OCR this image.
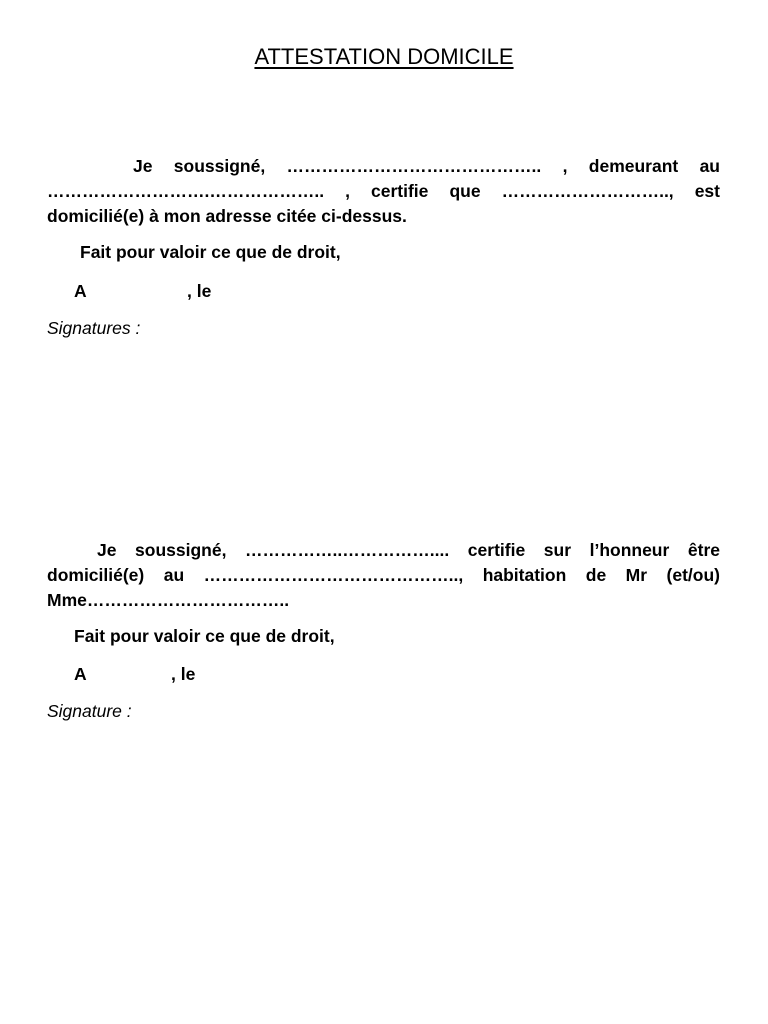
ATTESTATION DOMICILE

Je soussigné, …………………………………….. , demeurant au ……………………….……………….. , certifie que ……………………….., est domicilié(e) à mon adresse citée ci-dessus.

Fait pour valoir ce que de droit,

A	, le

Signatures :

Je soussigné, ……………..…………….... certifie sur l’honneur être domicilié(e) au …………………………………….., habitation de Mr (et/ou) Mme……………………………..

Fait pour valoir ce que de droit,

A	, le

Signature :
